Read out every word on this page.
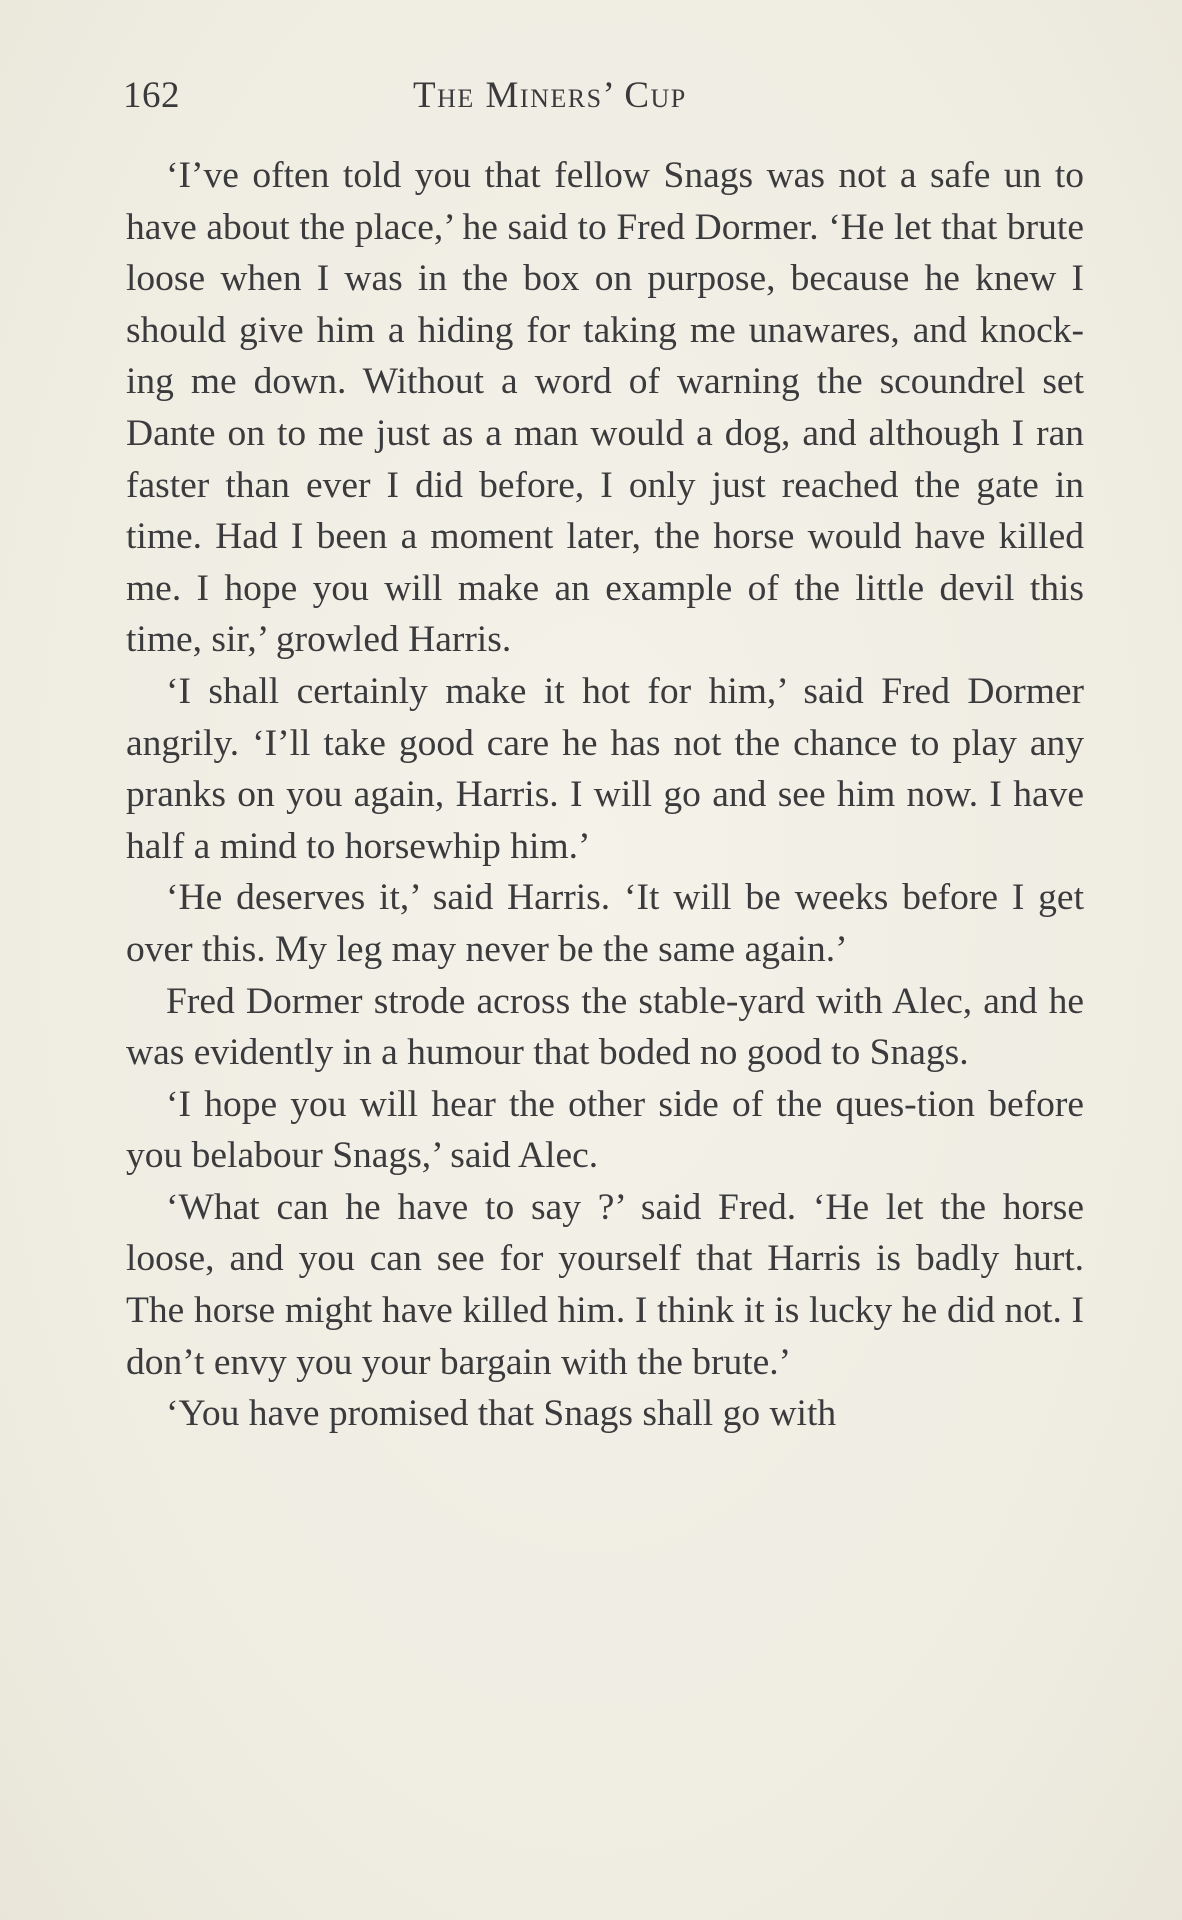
162	The Miners’ Cup

‘I’ve often told you that fellow Snags was not a safe un to have about the place,’ he said to Fred Dormer. ‘He let that brute loose when I was in the box on purpose, because he knew I should give him a hiding for taking me unawares, and knock-ing me down. Without a word of warning the scoundrel set Dante on to me just as a man would a dog, and although I ran faster than ever I did before, I only just reached the gate in time. Had I been a moment later, the horse would have killed me. I hope you will make an example of the little devil this time, sir,’ growled Harris.

‘I shall certainly make it hot for him,’ said Fred Dormer angrily. ‘I’ll take good care he has not the chance to play any pranks on you again, Harris. I will go and see him now. I have half a mind to horsewhip him.’

‘He deserves it,’ said Harris. ‘It will be weeks before I get over this. My leg may never be the same again.’

Fred Dormer strode across the stable-yard with Alec, and he was evidently in a humour that boded no good to Snags.

‘I hope you will hear the other side of the ques-tion before you belabour Snags,’ said Alec.

‘What can he have to say ?’ said Fred. ‘He let the horse loose, and you can see for yourself that Harris is badly hurt. The horse might have killed him. I think it is lucky he did not. I don’t envy you your bargain with the brute.’

‘You have promised that Snags shall go with
